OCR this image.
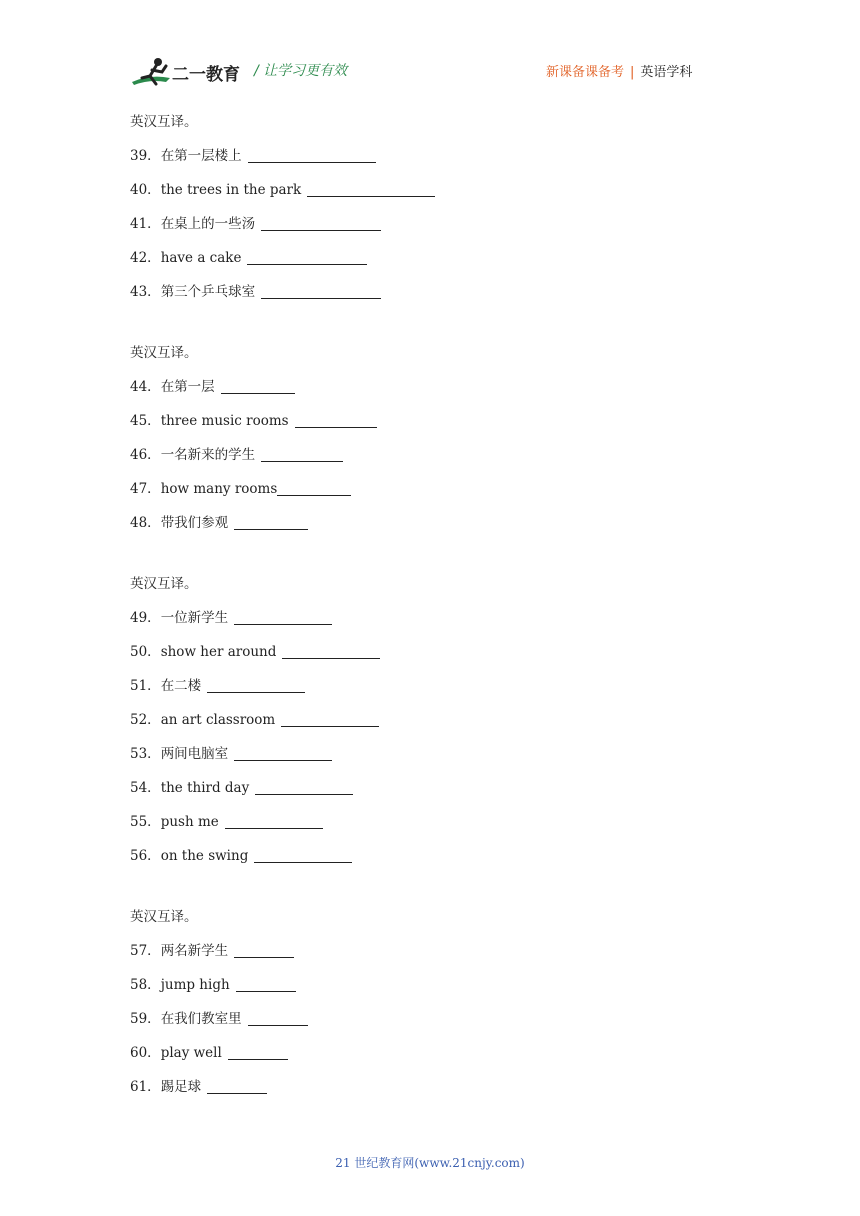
二一教育 / 让学习更有效	新课备课备考 | 英语学科
英汉互译。
39．在第一层楼上
40．the trees in the park
41．在桌上的一些汤
42．have a cake
43．第三个乒乓球室
英汉互译。
44．在第一层
45．three music rooms
46．一名新来的学生
47．how many rooms
48．带我们参观
英汉互译。
49．一位新学生
50．show her around
51．在二楼
52．an art classroom
53．两间电脑室
54．the third day
55．push me
56．on the swing
英汉互译。
57．两名新学生
58．jump high
59．在我们教室里
60．play well
61．踢足球
21 世纪教育网(www.21cnjy.com)
